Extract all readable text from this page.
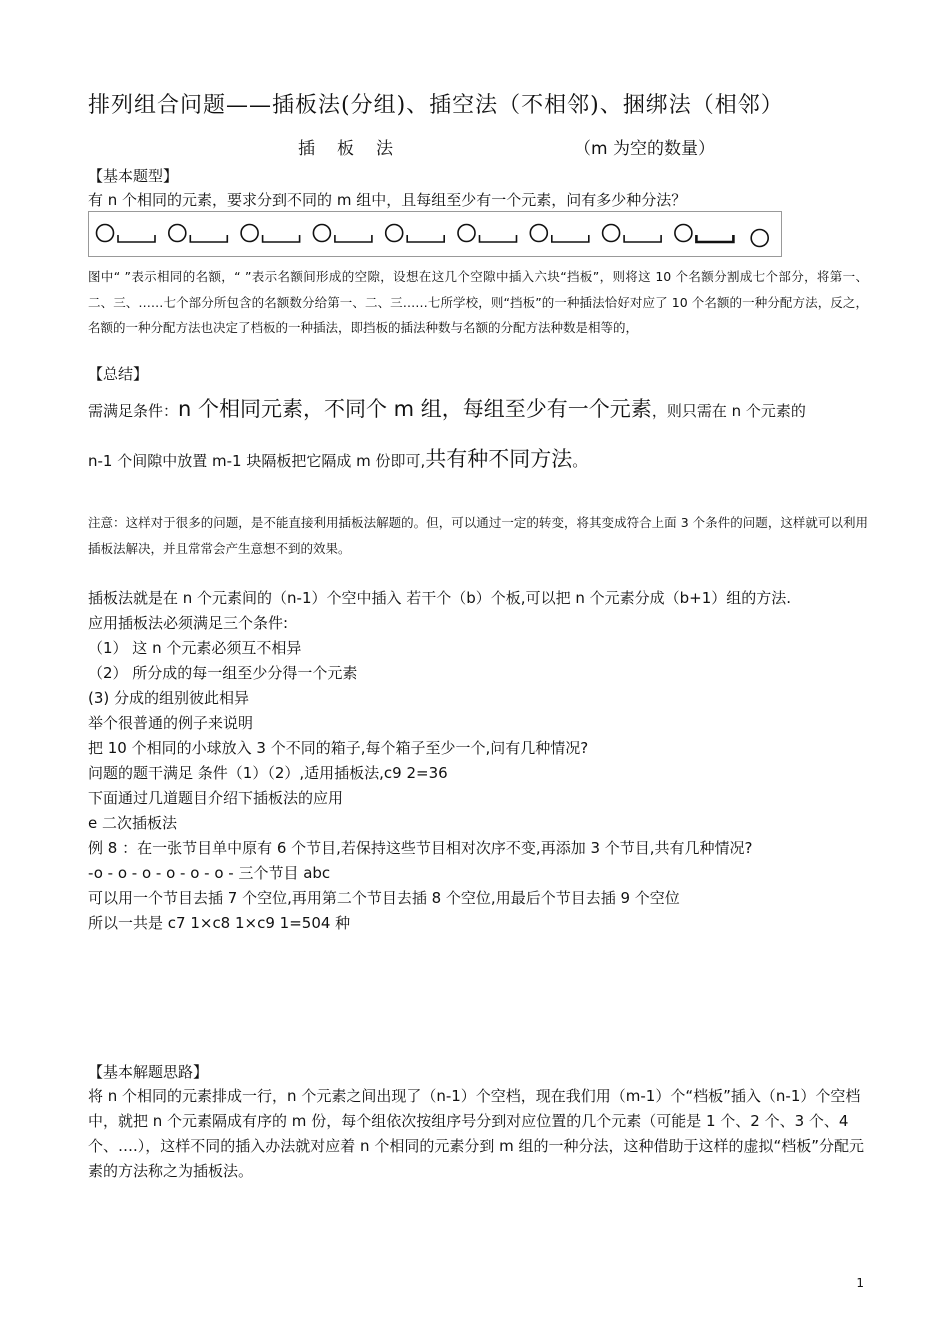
排列组合问题——插板法(分组)、插空法（不相邻)、捆绑法（相邻）
插板法	（m 为空的数量）
【基本题型】
有 n 个相同的元素，要求分到不同的 m 组中，且每组至少有一个元素，问有多少种分法？
图中“ ”表示相同的名额，“ ”表示名额间形成的空隙，设想在这几个空隙中插入六块“挡板”，则将这 10 个名额分割成七个部分，将第一、二、三、……七个部分所包含的名额数分给第一、二、三……七所学校，则“挡板”的一种插法恰好对应了 10 个名额的一种分配方法，反之，名额的一种分配方法也决定了档板的一种插法，即挡板的插法种数与名额的分配方法种数是相等的，
【总结】
需满足条件：n 个相同元素，不同个 m 组，每组至少有一个元素，则只需在 n 个元素的
n-1 个间隙中放置 m-1 块隔板把它隔成 m 份即可,共有种不同方法。
注意：这样对于很多的问题，是不能直接利用插板法解题的。但，可以通过一定的转变，将其变成符合上面 3 个条件的问题，这样就可以利用插板法解决，并且常常会产生意想不到的效果。
插板法就是在 n 个元素间的（n-1）个空中插入 若干个（b）个板,可以把 n 个元素分成（b+1）组的方法.
应用插板法必须满足三个条件:
（1） 这 n 个元素必须互不相异
（2） 所分成的每一组至少分得一个元素
(3) 分成的组别彼此相异
举个很普通的例子来说明
把 10 个相同的小球放入 3 个不同的箱子,每个箱子至少一个,问有几种情况?
问题的题干满足 条件（1）（2）,适用插板法,c9 2=36
下面通过几道题目介绍下插板法的应用
e 二次插板法
例 8 ：在一张节目单中原有 6 个节目,若保持这些节目相对次序不变,再添加 3 个节目,共有几种情况?
-o - o - o - o - o - o - 三个节目 abc
可以用一个节目去插 7 个空位,再用第二个节目去插 8 个空位,用最后个节目去插 9 个空位
所以一共是 c7 1×c8 1×c9 1=504 种
【基本解题思路】
将 n 个相同的元素排成一行，n 个元素之间出现了（n-1）个空档，现在我们用（m-1）个“档板”插入（n-1）个空档中，就把 n 个元素隔成有序的 m 份，每个组依次按组序号分到对应位置的几个元素（可能是 1 个、2 个、3 个、4 个、….），这样不同的插入办法就对应着 n 个相同的元素分到 m 组的一种分法，这种借助于这样的虚拟“档板”分配元素的方法称之为插板法。
1
